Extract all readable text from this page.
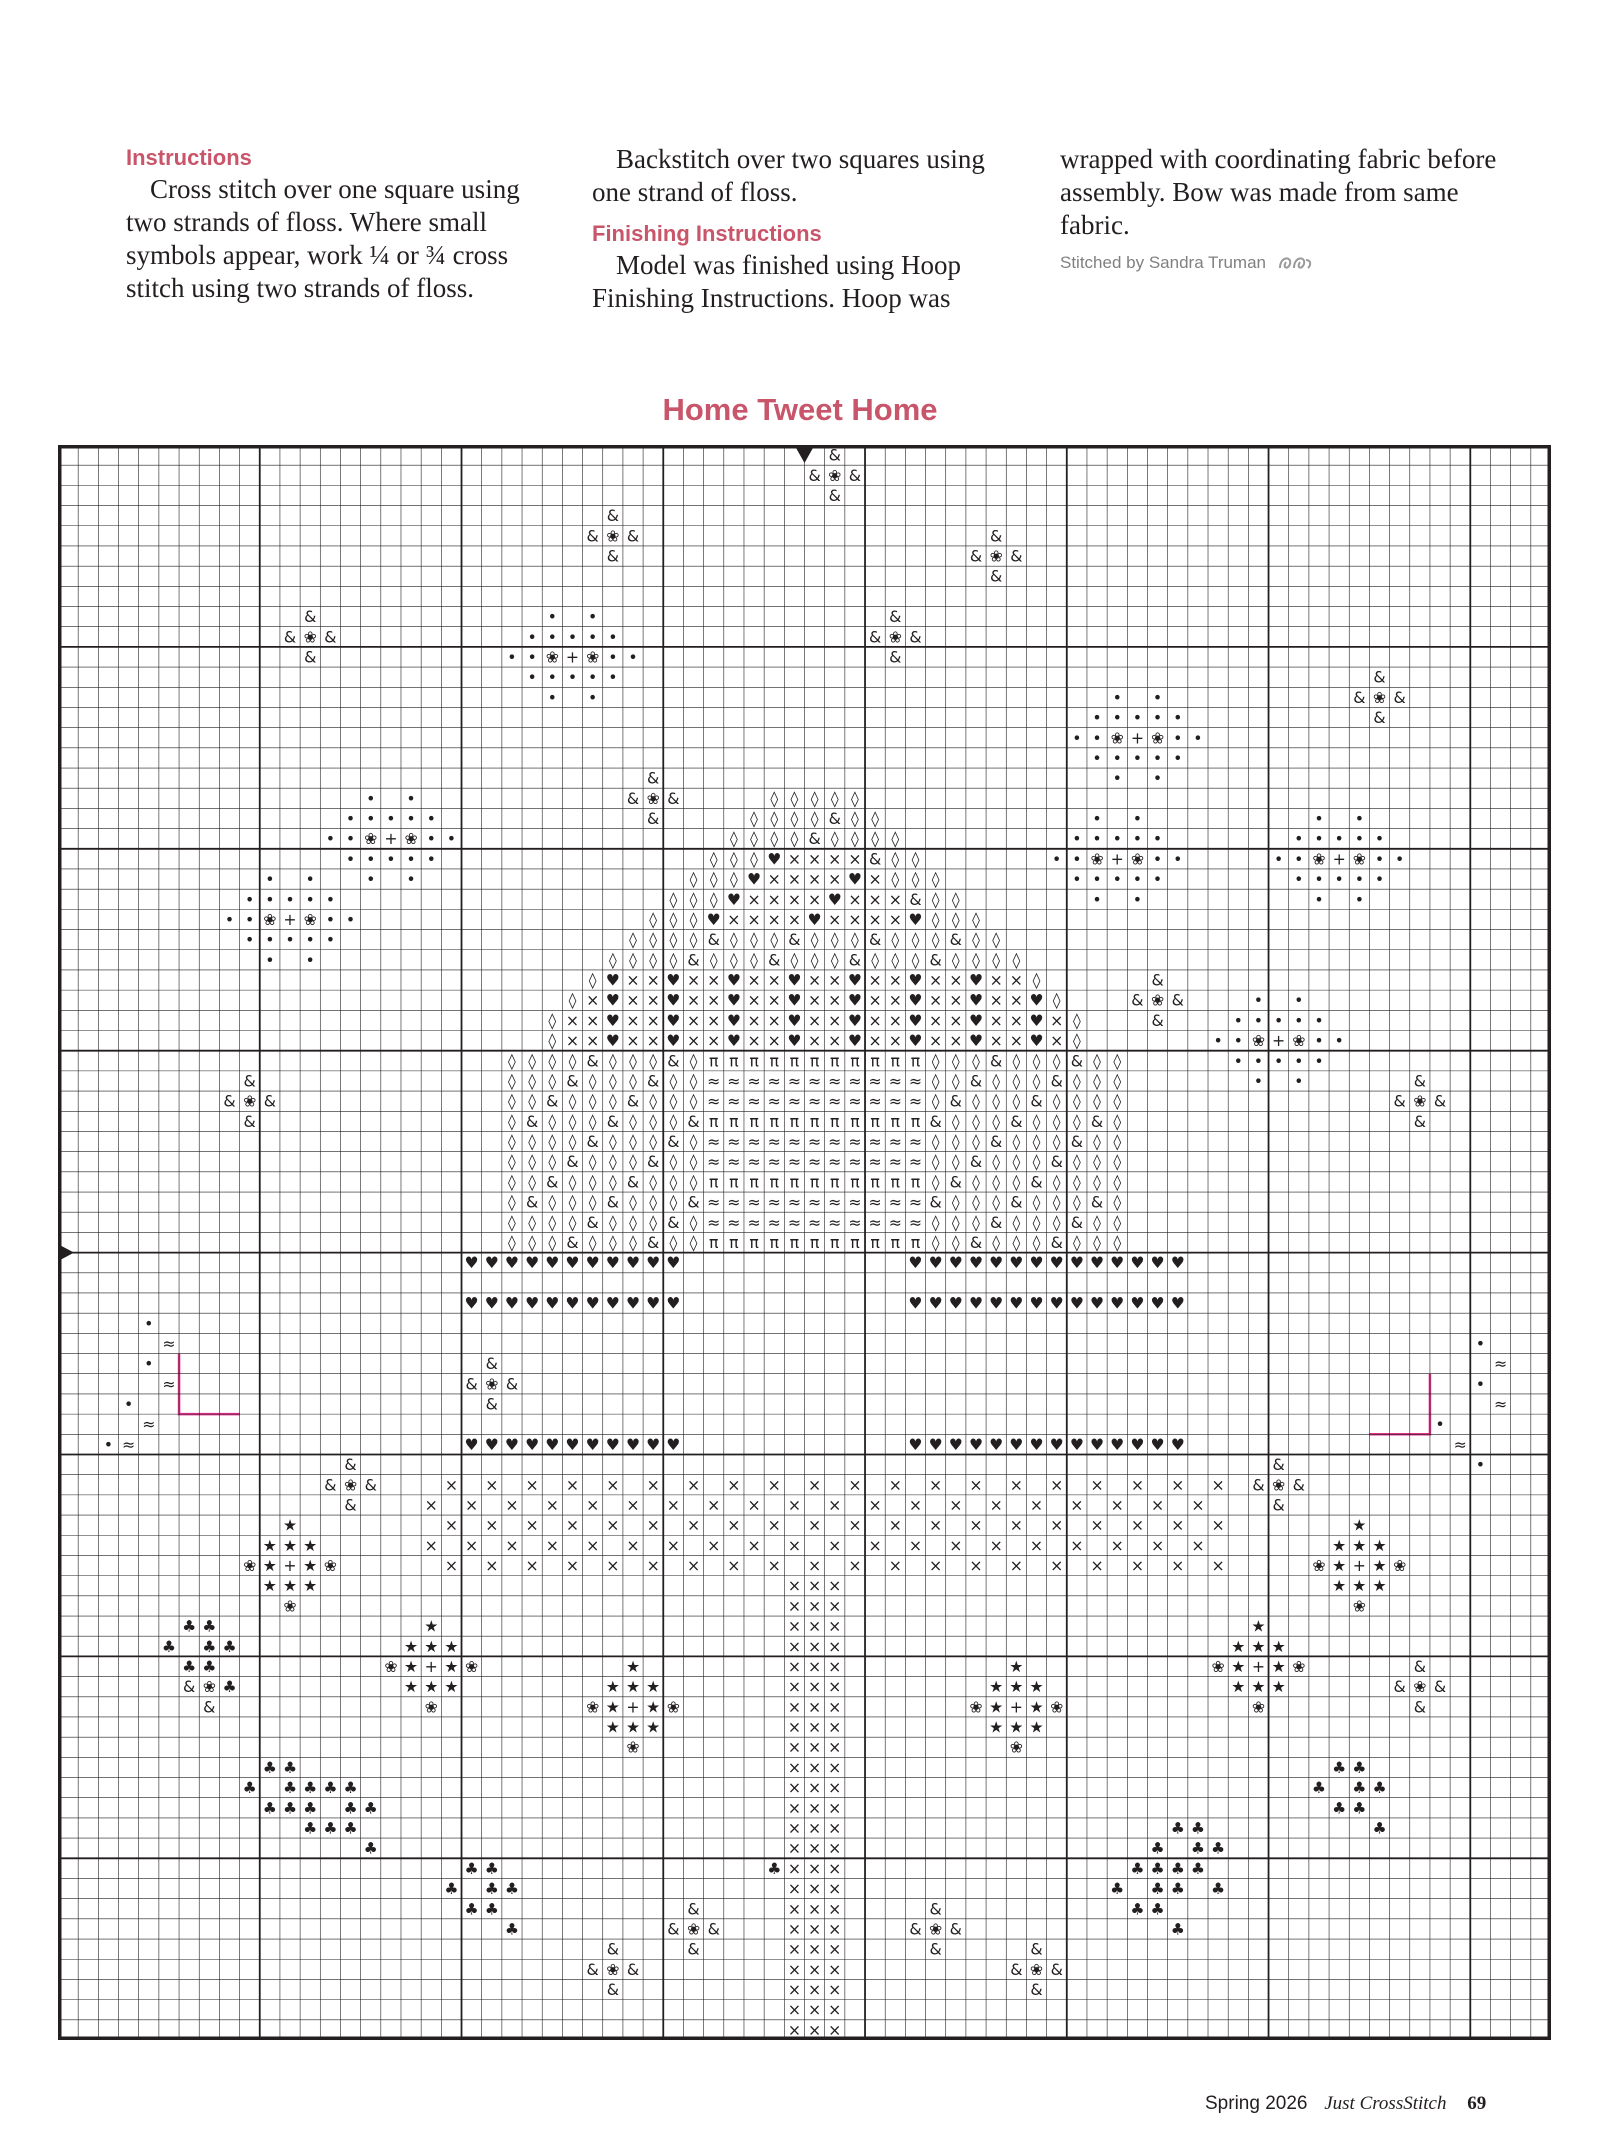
Instructions

Cross stitch over one square using two strands of floss. Where small symbols appear, work ¼ or ¾ cross stitch using two strands of floss.

Backstitch over two squares using one strand of floss.

Finishing Instructions

Model was finished using Hoop Finishing Instructions. Hoop was

wrapped with coordinating fabric before assembly. Bow was made from same fabric.

Stitched by Sandra Truman
Home Tweet Home
&
& ❀ &
&
&
& ❀ &
&
&
& ❀ &
&
&
& ❀ &
&
&
& ❀ &
&
&
& ❀ &
&
&
& ❀ &
&
&
& ❀ &
&
&
& ❀ &
&
&
& ❀ &
&
&
& ❀ &
&
&
& ❀ &
&
♣
& ❀ ♣
&
&
& ❀ &
&
&
& ❀ &
&
&
& ❀ &
&
&
& ❀ &
&
&
& ❀ &
&
&
& ❀ &
&
• •
•
•
•
•
•
•
•
•
•
•
• • ❀ + ❀ • •
• •	• •
•
•
•
•
•
•
•
•
•
•
• • ❀ + ❀ • •
• •
• •
•
•
•
•
•
•
•
•
•
•
• • ❀ + ❀ • •
• •
• •
•
•
•
•
•
•
•
•
•
•
• • ❀ + ❀ • •
• •
• •
•
•
•
•
•
•
•
•
•
•
• • ❀ + ❀ • •
• •
• •
•
•
•
•
•
•
•
•
•
•
• • ❀ + ❀ • •
• •
• •
•
•
•
•
•
•
•
•
•
•
• • ❀ + ❀ • •
• •
★
★ ★ ★
❀ ★ + ★ ❀
★ ★ ★
❀
★
★ ★ ★
❀ ★ + ★ ❀
★ ★ ★
❀
★
★ ★ ★
❀ ★ + ★ ❀
★ ★ ★
❀
★
★ ★ ★
❀ ★ + ★ ❀
★ ★ ★
❀
★
★ ★ ★
❀ ★ + ★ ❀
★ ★ ★
❀
★
★ ★ ★
❀ ★ + ★ ❀
★ ★ ★
❀
♣ ♣
♣ ♣ ♣
♣
♣ ♣
♣ ♣ ♣
♣ ♣
♣
♣ ♣
♣ ♣ ♣
♣ ♣
♣
× ×
♣ × ×
× ×
×
♣ ♣
♣ ♣ ♣
♣ ♣
♣
♣ ♣
♣ ♣ ♣
♣ ♣
♣
♣ ♣
♣ ♣ ♣
♣ ♣
♣
♣ ♣
♣ ♣ ♣
♣ ♣
♣
◊ ◊ ◊ ◊ ◊
◊ ◊ ◊ ◊ & ◊ ◊
◊ ◊ ◊ ◊ & ◊ ◊ ◊ ◊
◊ ◊ ◊ ♥ × × × × & ◊ ◊
◊ ◊ ◊ ♥ × × × × ♥ × ◊ ◊ ◊
◊ ◊ ◊ ♥ × × × × ♥ × × × & ◊ ◊
◊ ◊ ◊ ♥ × × × × ♥ × × × × ♥ ◊ ◊ ◊
◊ ◊ ◊ ◊ & ◊ ◊ ◊ & ◊ ◊ ◊ & ◊ ◊ ◊ & ◊ ◊
◊ ◊ ◊ ◊ & ◊ ◊ ◊ & ◊ ◊ ◊ & ◊ ◊ ◊ & ◊ ◊ ◊ ◊
◊ ♥ × × ♥ × × ♥ × × ♥ × × ♥ × × ♥ × × ♥ × × ◊
◊ × ♥ × × ♥ × × ♥ × × ♥ × × ♥ × × ♥ × × ♥ × × ♥ ◊
◊ × × ♥ × × ♥ × × ♥ × × ♥ × × ♥ × × ♥ × × ♥ × × ♥ × ◊
◊ × × ♥ × × ♥ × × ♥ × × ♥ × × ♥ × × ♥ × × ♥ × × ♥ × ◊
◊ ◊ ◊ ◊ & ◊ ◊ ◊ & ◊ π π π π π π π π π π π ◊ ◊ ◊ & ◊ ◊ ◊ & ◊ ◊
◊ ◊ ◊ & ◊ ◊ ◊ & ◊ ◊ ≈ ≈ ≈ ≈ ≈ ≈ ≈ ≈ ≈ ≈ ≈ ◊ ◊ & ◊ ◊ ◊ & ◊ ◊ ◊
◊ ◊ & ◊ ◊ ◊ & ◊ ◊ ◊ ≈ ≈ ≈ ≈ ≈ ≈ ≈ ≈ ≈ ≈ ≈ ◊ & ◊ ◊ ◊ & ◊ ◊ ◊ ◊
◊ & ◊ ◊ ◊ & ◊ ◊ ◊ & π π π π π π π π π π π & ◊ ◊ ◊ & ◊ ◊ ◊ & ◊
◊ ◊ ◊ ◊ & ◊ ◊ ◊ & ◊ ≈ ≈ ≈ ≈ ≈ ≈ ≈ ≈ ≈ ≈ ≈ ◊ ◊ ◊ & ◊ ◊ ◊ & ◊ ◊
◊ ◊ ◊ & ◊ ◊ ◊ & ◊ ◊ ≈ ≈ ≈ ≈ ≈ ≈ ≈ ≈ ≈ ≈ ≈ ◊ ◊ & ◊ ◊ ◊ & ◊ ◊ ◊
◊ ◊ & ◊ ◊ ◊ & ◊ ◊ ◊ π π π π π π π π π π π ◊ & ◊ ◊ ◊ & ◊ ◊ ◊ ◊
◊ & ◊ ◊ ◊ & ◊ ◊ ◊ & ≈ ≈ ≈ ≈ ≈ ≈ ≈ ≈ ≈ ≈ ≈ & ◊ ◊ ◊ & ◊ ◊ ◊ & ◊
◊ ◊ ◊ ◊ & ◊ ◊ ◊ & ◊ ≈ ≈ ≈ ≈ ≈ ≈ ≈ ≈ ≈ ≈ ≈ ◊ ◊ ◊ & ◊ ◊ ◊ & ◊ ◊
◊ ◊ ◊ & ◊ ◊ ◊ & ◊ ◊ π π π π π π π π π π π ◊ ◊ & ◊ ◊ ◊ & ◊ ◊ ◊
♥
♥
♥
♥
♥
♥
♥
♥
♥
♥
♥
♥
♥
♥
♥
♥
♥
♥
♥
♥
♥
♥
♥
♥
♥
♥
♥
♥
♥
♥
♥
♥
♥
♥
♥
♥
♥
♥
♥
♥
♥
♥
♥
♥
♥
♥
♥
♥
♥
♥
♥
♥
♥
♥
♥
♥
♥
♥
♥
♥
♥
♥
♥
♥
♥
♥
♥
♥
♥
♥
♥
♥
♥
♥
♥
× × × × × × × × × × × × × × × × × × × ×
× × × × × × × × × × × × × × × × × × × ×
× × × × × × × × × × × × × × × × × × × ×
× × × × × × × × × × × × × × × × × × × ×
× × × × × × × × × × × × × × × × × × × ×
× × ×
× × ×
× × ×
× × ×
× × ×
× × ×
× × ×
× × ×
× × ×
× × ×
× × ×
× × ×
× × ×
×
×
×
× ×
× × ×
× × ×
× × ×
× × ×
× × ×
× × ×
•
≈
•
≈
•
≈
• ≈
•
≈
•
≈
•
≈
•
Spring 2026 Just CrossStitch 69
